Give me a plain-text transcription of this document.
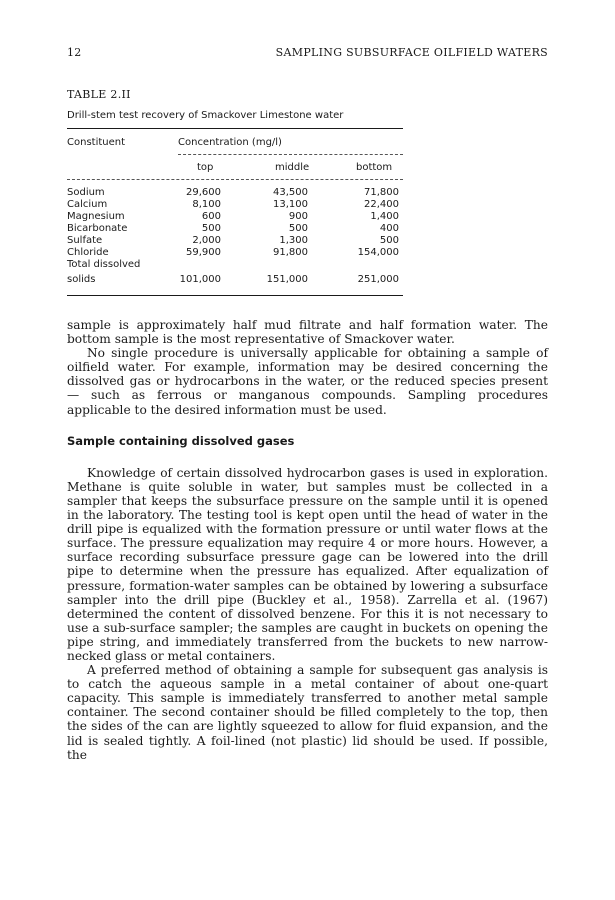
12	SAMPLING SUBSURFACE OILFIELD WATERS
TABLE 2.II
Drill-stem test recovery of Smackover Limestone water
Constituent	Concentration (mg/l)
top	middle	bottom
Sodium	29,600	43,500	71,800
Calcium	8,100	13,100	22,400
Magnesium	600	900	1,400
Bicarbonate	500	500	400
Sulfate	2,000	1,300	500
Chloride	59,900	91,800	154,000
Total dissolved
solids	101,000	151,000	251,000

sample is approximately half mud filtrate and half formation water. The bottom sample is the most representative of Smackover water.

No single procedure is universally applicable for obtaining a sample of oilfield water. For example, information may be desired concerning the dissolved gas or hydrocarbons in the water, or the reduced species present — such as ferrous or manganous compounds. Sampling procedures applicable to the desired information must be used.

Sample containing dissolved gases

Knowledge of certain dissolved hydrocarbon gases is used in exploration. Methane is quite soluble in water, but samples must be collected in a sampler that keeps the subsurface pressure on the sample until it is opened in the laboratory. The testing tool is kept open until the head of water in the drill pipe is equalized with the formation pressure or until water flows at the surface. The pressure equalization may require 4 or more hours. However, a surface recording subsurface pressure gage can be lowered into the drill pipe to determine when the pressure has equalized. After equalization of pressure, formation-water samples can be obtained by lowering a subsurface sampler into the drill pipe (Buckley et al., 1958). Zarrella et al. (1967) determined the content of dissolved benzene. For this it is not necessary to use a sub-surface sampler; the samples are caught in buckets on opening the pipe string, and immediately transferred from the buckets to new narrow-necked glass or metal containers.

A preferred method of obtaining a sample for subsequent gas analysis is to catch the aqueous sample in a metal container of about one-quart capacity. This sample is immediately transferred to another metal sample container. The second container should be filled completely to the top, then the sides of the can are lightly squeezed to allow for fluid expansion, and the lid is sealed tightly. A foil-lined (not plastic) lid should be used. If possible, the
